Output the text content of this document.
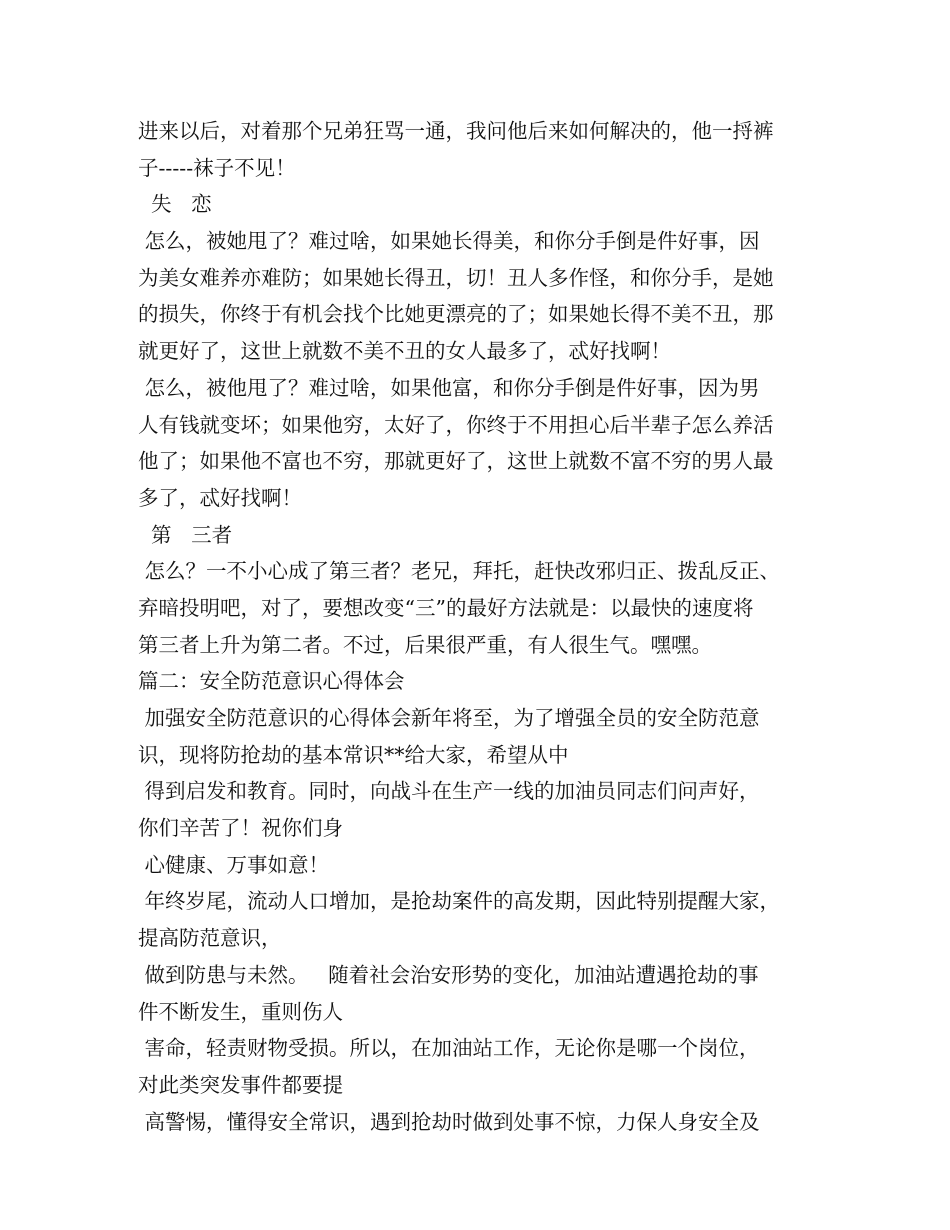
进来以后，对着那个兄弟狂骂一通，我问他后来如何解决的，他一捋裤
子-----袜子不见！
失   恋
怎么，被她甩了？难过啥，如果她长得美，和你分手倒是件好事，因
为美女难养亦难防；如果她长得丑，切！丑人多作怪，和你分手，是她
的损失，你终于有机会找个比她更漂亮的了；如果她长得不美不丑，那
就更好了，这世上就数不美不丑的女人最多了，忒好找啊！
怎么，被他甩了？难过啥，如果他富，和你分手倒是件好事，因为男
人有钱就变坏；如果他穷，太好了，你终于不用担心后半辈子怎么养活
他了；如果他不富也不穷，那就更好了，这世上就数不富不穷的男人最
多了，忒好找啊！
第   三者
怎么？一不小心成了第三者？老兄，拜托，赶快改邪归正、拨乱反正、
弃暗投明吧，对了，要想改变“三”的最好方法就是：以最快的速度将
第三者上升为第二者。不过，后果很严重，有人很生气。嘿嘿。
篇二：安全防范意识心得体会
加强安全防范意识的心得体会新年将至，为了增强全员的安全防范意
识，现将防抢劫的基本常识**给大家，希望从中
得到启发和教育。同时，向战斗在生产一线的加油员同志们问声好，
你们辛苦了！祝你们身
心健康、万事如意！
年终岁尾，流动人口增加，是抢劫案件的高发期，因此特别提醒大家，
提高防范意识，
做到防患与未然。   随着社会治安形势的变化，加油站遭遇抢劫的事
件不断发生，重则伤人
害命，轻责财物受损。所以，在加油站工作，无论你是哪一个岗位，
对此类突发事件都要提
高警惕，懂得安全常识，遇到抢劫时做到处事不惊，力保人身安全及
